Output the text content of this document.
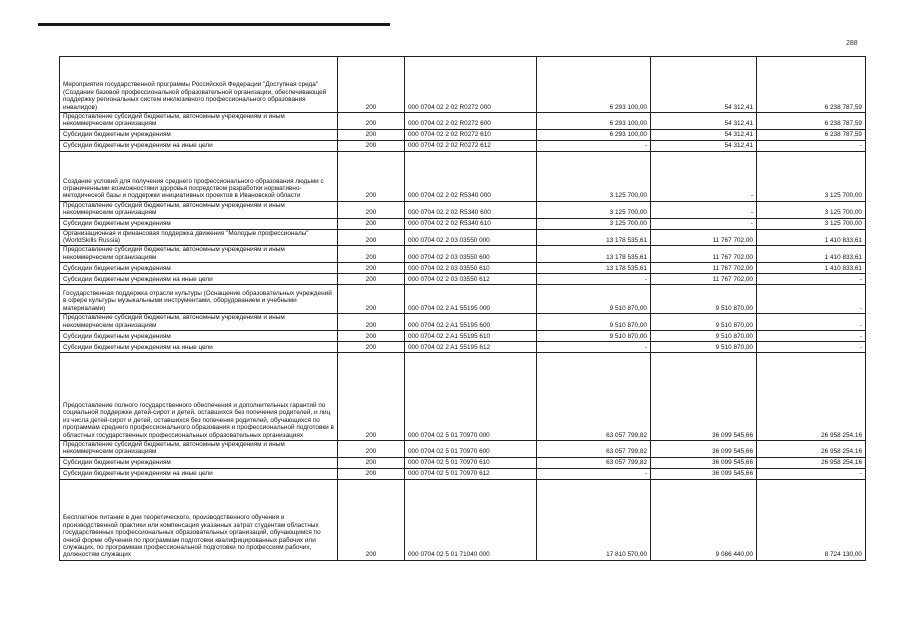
288
Мероприятия государственной программы Российской Федерации "Доступная среда" (Создание базовой профессиональной образовательной организации, обеспечивающей поддержку региональных систем инклюзивного профессионального образования инвалидов)	200	000 0704 02 2 02 R0272 000	6 293 100,00	54 312,41	6 238 787,59
Предоставление субсидий бюджетным, автономным учреждениям и иным некоммерческим организациям	200	000 0704 02 2 02 R0272 600	6 293 100,00	54 312,41	6 238 787,59
Субсидии бюджетным учреждениям	200	000 0704 02 2 02 R0272 610	6 293 100,00	54 312,41	6 238 787,59
Субсидии бюджетным учреждениям на иные цели	200	000 0704 02 2 02 R0272 612	-	54 312,41	-
Создание условий для получения среднего профессионального образования людьми с ограниченными возможностями здоровья посредством разработки нормативно-методической базы и поддержки инициативных проектов в Ивановской области	200	000 0704 02 2 02 R5340 000	3 125 700,00	-	3 125 700,00
Предоставление субсидий бюджетным, автономным учреждениям и иным некоммерческим организациям	200	000 0704 02 2 02 R5340 600	3 125 700,00	-	3 125 700,00
Субсидии бюджетным учреждениям	200	000 0704 02 2 02 R5340 610	3 125 700,00	-	3 125 700,00
Организационная и финансовая поддержка движения "Молодые профессионалы" (WorldSkills Russia)	200	000 0704 02 2 03 03550 000	13 178 535,61	11 767 702,00	1 410 833,61
Предоставление субсидий бюджетным, автономным учреждениям и иным некоммерческим организациям	200	000 0704 02 2 03 03550 600	13 178 535,61	11 767 702,00	1 410 833,61
Субсидии бюджетным учреждениям	200	000 0704 02 2 03 03550 610	13 178 535,61	11 767 702,00	1 410 833,61
Субсидии бюджетным учреждениям на иные цели	200	000 0704 02 2 03 03550 612	-	11 767 702,00	-
Государственная поддержка отрасли культуры (Оснащение образовательных учреждений в сфере культуры музыкальными инструментами, оборудованием и учебными материалами)	200	000 0704 02 2 A1 55195 000	9 510 870,00	9 510 870,00	-
Предоставление субсидий бюджетным, автономным учреждениям и иным некоммерческим организациям	200	000 0704 02 2 A1 55195 600	9 510 870,00	9 510 870,00	-
Субсидии бюджетным учреждениям	200	000 0704 02 2 A1 55195 610	9 510 870,00	9 510 870,00	-
Субсидии бюджетным учреждениям на иные цели	200	000 0704 02 2 A1 55195 612	-	9 510 870,00	-
Предоставление полного государственного обеспечения и дополнительных гарантий по социальной поддержке детей-сирот и детей, оставшихся без попечения родителей, и лиц из числа детей-сирот и детей, оставшихся без попечения родителей, обучающихся по программам среднего профессионального образования и профессиональной подготовки в областных государственных профессиональных образовательных организациях	200	000 0704 02 5 01 70970 000	63 057 799,82	36 099 545,66	26 958 254,16
Предоставление субсидий бюджетным, автономным учреждениям и иным некоммерческим организациям	200	000 0704 02 5 01 70970 600	63 057 799,82	36 099 545,66	26 958 254,16
Субсидии бюджетным учреждениям	200	000 0704 02 5 01 70970 610	63 057 799,82	36 099 545,66	26 958 254,16
Субсидии бюджетным учреждениям на иные цели	200	000 0704 02 5 01 70970 612	-	36 099 545,66	-
Бесплатное питание в дни теоретического, производственного обучения и производственной практики или компенсация указанных затрат студентам областных государственных профессиональных образовательных организаций, обучающимся по очной форме обучения по программам подготовки квалифицированных рабочих или служащих, по программам профессиональной подготовки по профессиям рабочих, должностям служащих	200	000 0704 02 5 01 71040 000	17 810 570,00	9 086 440,00	8 724 130,00
